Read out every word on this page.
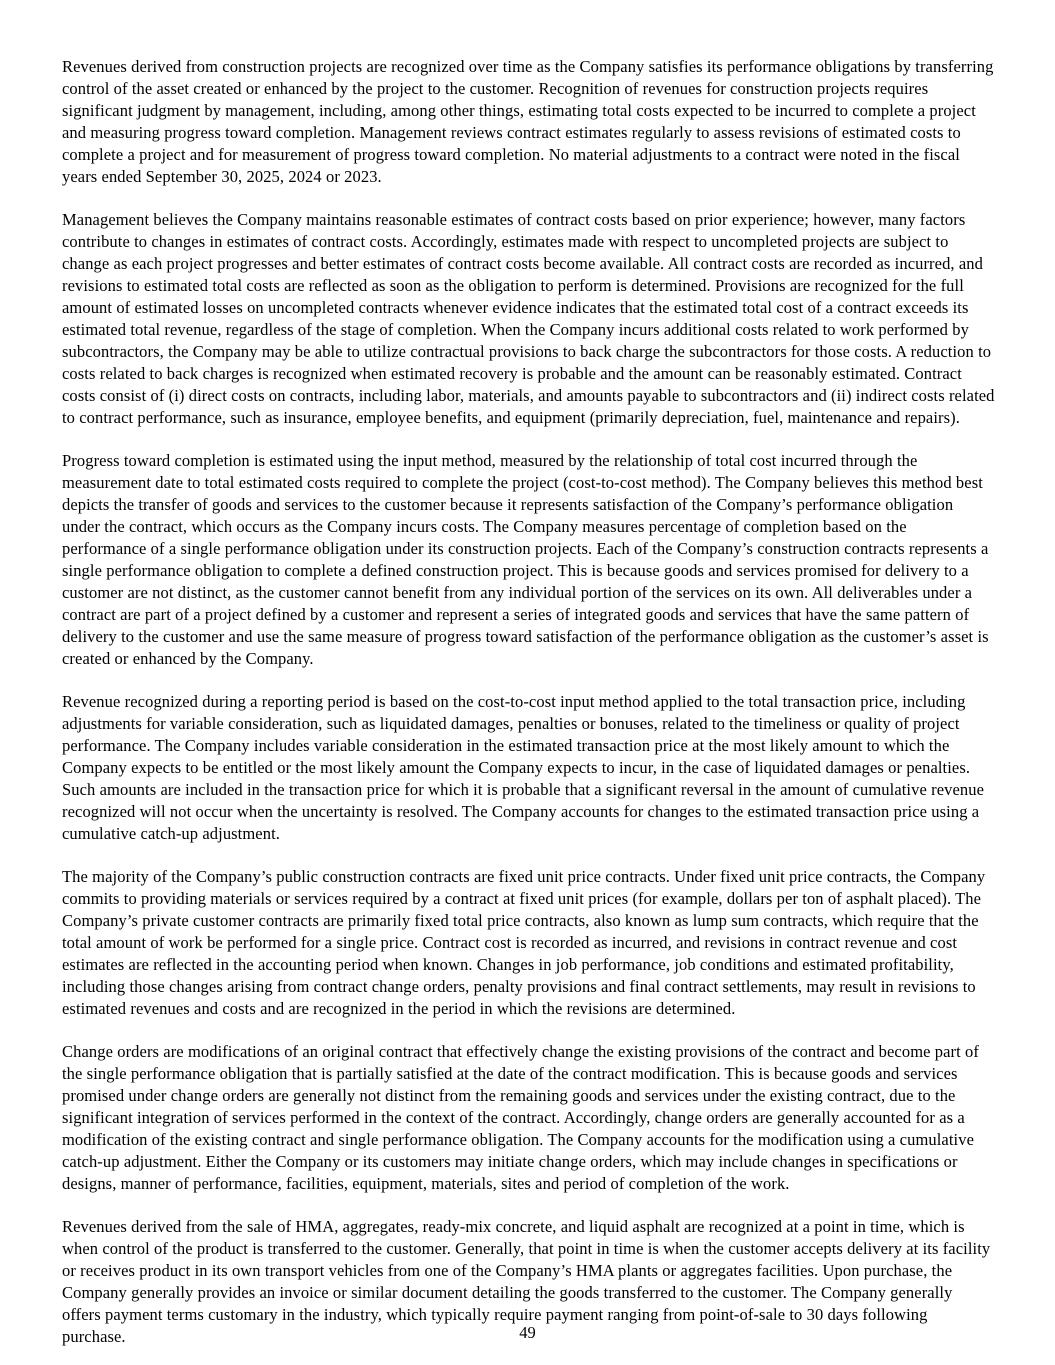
Revenues derived from construction projects are recognized over time as the Company satisfies its performance obligations by transferring control of the asset created or enhanced by the project to the customer. Recognition of revenues for construction projects requires significant judgment by management, including, among other things, estimating total costs expected to be incurred to complete a project and measuring progress toward completion. Management reviews contract estimates regularly to assess revisions of estimated costs to complete a project and for measurement of progress toward completion. No material adjustments to a contract were noted in the fiscal years ended September 30, 2025, 2024 or 2023.

Management believes the Company maintains reasonable estimates of contract costs based on prior experience; however, many factors contribute to changes in estimates of contract costs. Accordingly, estimates made with respect to uncompleted projects are subject to change as each project progresses and better estimates of contract costs become available. All contract costs are recorded as incurred, and revisions to estimated total costs are reflected as soon as the obligation to perform is determined. Provisions are recognized for the full amount of estimated losses on uncompleted contracts whenever evidence indicates that the estimated total cost of a contract exceeds its estimated total revenue, regardless of the stage of completion. When the Company incurs additional costs related to work performed by subcontractors, the Company may be able to utilize contractual provisions to back charge the subcontractors for those costs. A reduction to costs related to back charges is recognized when estimated recovery is probable and the amount can be reasonably estimated. Contract costs consist of (i) direct costs on contracts, including labor, materials, and amounts payable to subcontractors and (ii) indirect costs related to contract performance, such as insurance, employee benefits, and equipment (primarily depreciation, fuel, maintenance and repairs).

Progress toward completion is estimated using the input method, measured by the relationship of total cost incurred through the measurement date to total estimated costs required to complete the project (cost-to-cost method). The Company believes this method best depicts the transfer of goods and services to the customer because it represents satisfaction of the Company’s performance obligation under the contract, which occurs as the Company incurs costs. The Company measures percentage of completion based on the performance of a single performance obligation under its construction projects. Each of the Company’s construction contracts represents a single performance obligation to complete a defined construction project. This is because goods and services promised for delivery to a customer are not distinct, as the customer cannot benefit from any individual portion of the services on its own. All deliverables under a contract are part of a project defined by a customer and represent a series of integrated goods and services that have the same pattern of delivery to the customer and use the same measure of progress toward satisfaction of the performance obligation as the customer’s asset is created or enhanced by the Company.

Revenue recognized during a reporting period is based on the cost-to-cost input method applied to the total transaction price, including adjustments for variable consideration, such as liquidated damages, penalties or bonuses, related to the timeliness or quality of project performance. The Company includes variable consideration in the estimated transaction price at the most likely amount to which the Company expects to be entitled or the most likely amount the Company expects to incur, in the case of liquidated damages or penalties. Such amounts are included in the transaction price for which it is probable that a significant reversal in the amount of cumulative revenue recognized will not occur when the uncertainty is resolved. The Company accounts for changes to the estimated transaction price using a cumulative catch-up adjustment.

The majority of the Company’s public construction contracts are fixed unit price contracts. Under fixed unit price contracts, the Company commits to providing materials or services required by a contract at fixed unit prices (for example, dollars per ton of asphalt placed). The Company’s private customer contracts are primarily fixed total price contracts, also known as lump sum contracts, which require that the total amount of work be performed for a single price. Contract cost is recorded as incurred, and revisions in contract revenue and cost estimates are reflected in the accounting period when known. Changes in job performance, job conditions and estimated profitability, including those changes arising from contract change orders, penalty provisions and final contract settlements, may result in revisions to estimated revenues and costs and are recognized in the period in which the revisions are determined.

Change orders are modifications of an original contract that effectively change the existing provisions of the contract and become part of the single performance obligation that is partially satisfied at the date of the contract modification. This is because goods and services promised under change orders are generally not distinct from the remaining goods and services under the existing contract, due to the significant integration of services performed in the context of the contract. Accordingly, change orders are generally accounted for as a modification of the existing contract and single performance obligation. The Company accounts for the modification using a cumulative catch-up adjustment. Either the Company or its customers may initiate change orders, which may include changes in specifications or designs, manner of performance, facilities, equipment, materials, sites and period of completion of the work.

Revenues derived from the sale of HMA, aggregates, ready-mix concrete, and liquid asphalt are recognized at a point in time, which is when control of the product is transferred to the customer. Generally, that point in time is when the customer accepts delivery at its facility or receives product in its own transport vehicles from one of the Company’s HMA plants or aggregates facilities. Upon purchase, the Company generally provides an invoice or similar document detailing the goods transferred to the customer. The Company generally offers payment terms customary in the industry, which typically require payment ranging from point-of-sale to 30 days following purchase.	49
